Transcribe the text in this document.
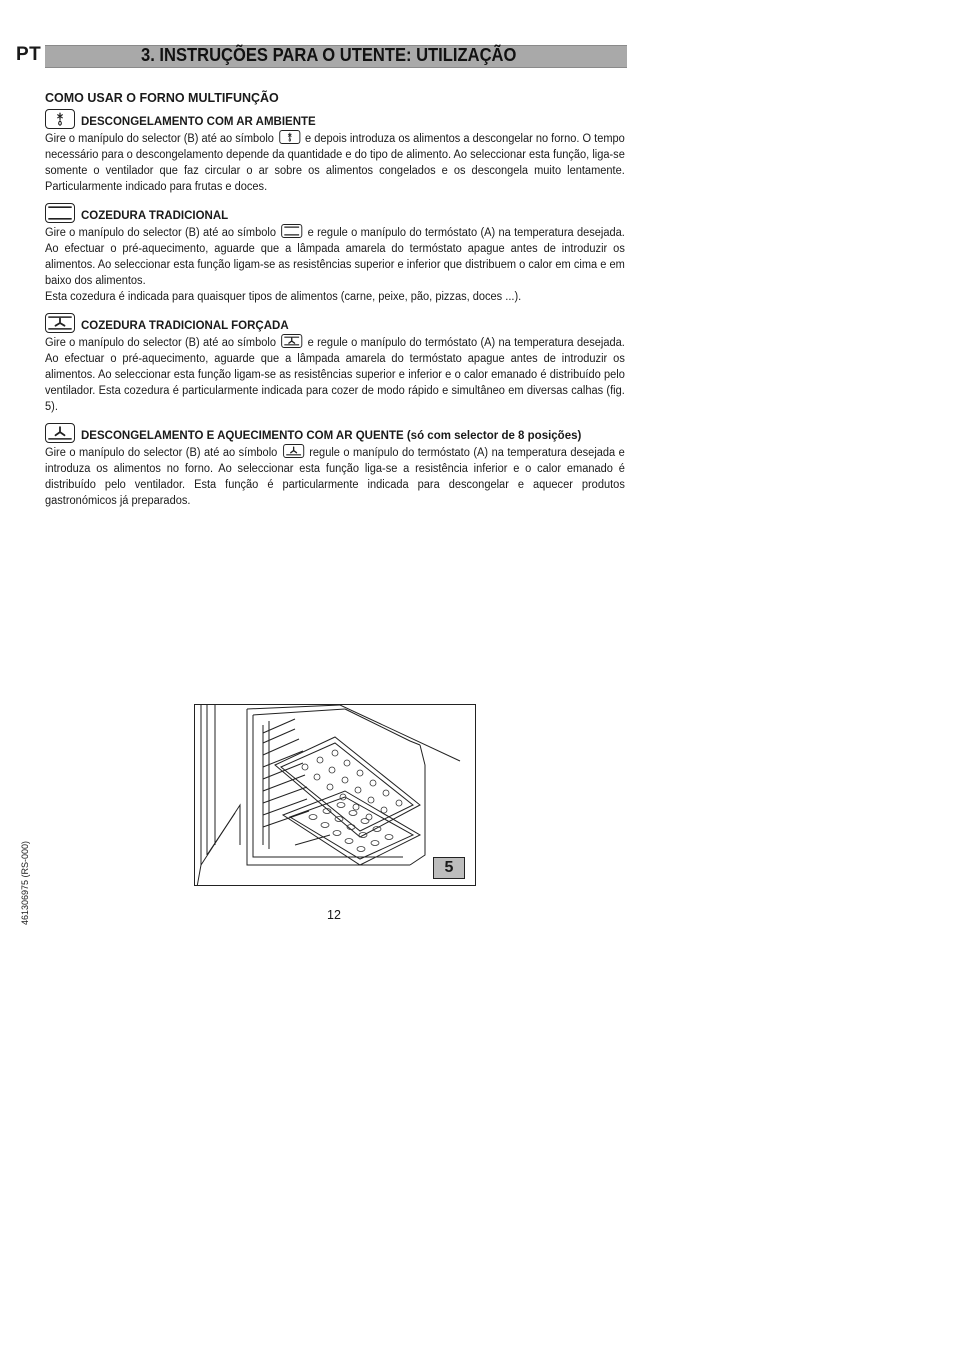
PT	3. INSTRUÇÕES PARA O UTENTE: UTILIZAÇÃO
COMO USAR O FORNO MULTIFUNÇÃO
DESCONGELAMENTO COM AR AMBIENTE
Gire o manípulo do selector (B) até ao símbolo	e depois introduza os alimentos a descongelar no forno. O tempo necessário para o descongelamento depende da quantidade e do tipo de alimento. Ao seleccionar esta função, liga-se somente o ventilador que faz circular o ar sobre os alimentos congelados e os descongela muito lentamente. Particularmente indicado para frutas e doces.
COZEDURA TRADICIONAL
Gire o manípulo do selector (B) até ao símbolo	e regule o manípulo do termóstato (A) na temperatura desejada. Ao efectuar o pré-aquecimento, aguarde que a lâmpada amarela do termóstato apague antes de introduzir os alimentos. Ao seleccionar esta função ligam-se as resistências superior e inferior que distribuem o calor em cima e em baixo dos alimentos.
Esta cozedura é indicada para quaisquer tipos de alimentos (carne, peixe, pão, pizzas, doces ...).
COZEDURA TRADICIONAL FORÇADA
Gire o manípulo do selector (B) até ao símbolo	e regule o manípulo do termóstato (A) na temperatura desejada. Ao efectuar o pré-aquecimento, aguarde que a lâmpada amarela do termóstato apague antes de introduzir os alimentos. Ao seleccionar esta função ligam-se as resistências superior e inferior e o calor emanado é distribuído pelo ventilador. Esta cozedura é particularmente indicada para cozer de modo rápido e simultâneo em diversas calhas (fig. 5).
DESCONGELAMENTO E AQUECIMENTO COM AR QUENTE (só com selector de 8 posições)
Gire o manípulo do selector (B) até ao símbolo	regule o manípulo do termóstato (A) na temperatura desejada e introduza os alimentos no forno. Ao seleccionar esta função liga-se a resistência inferior e o calor emanado é distribuído pelo ventilador. Esta função é particularmente indicada para descongelar e aquecer produtos gastronómicos já preparados.
5
12
461306975 (RS-000)
